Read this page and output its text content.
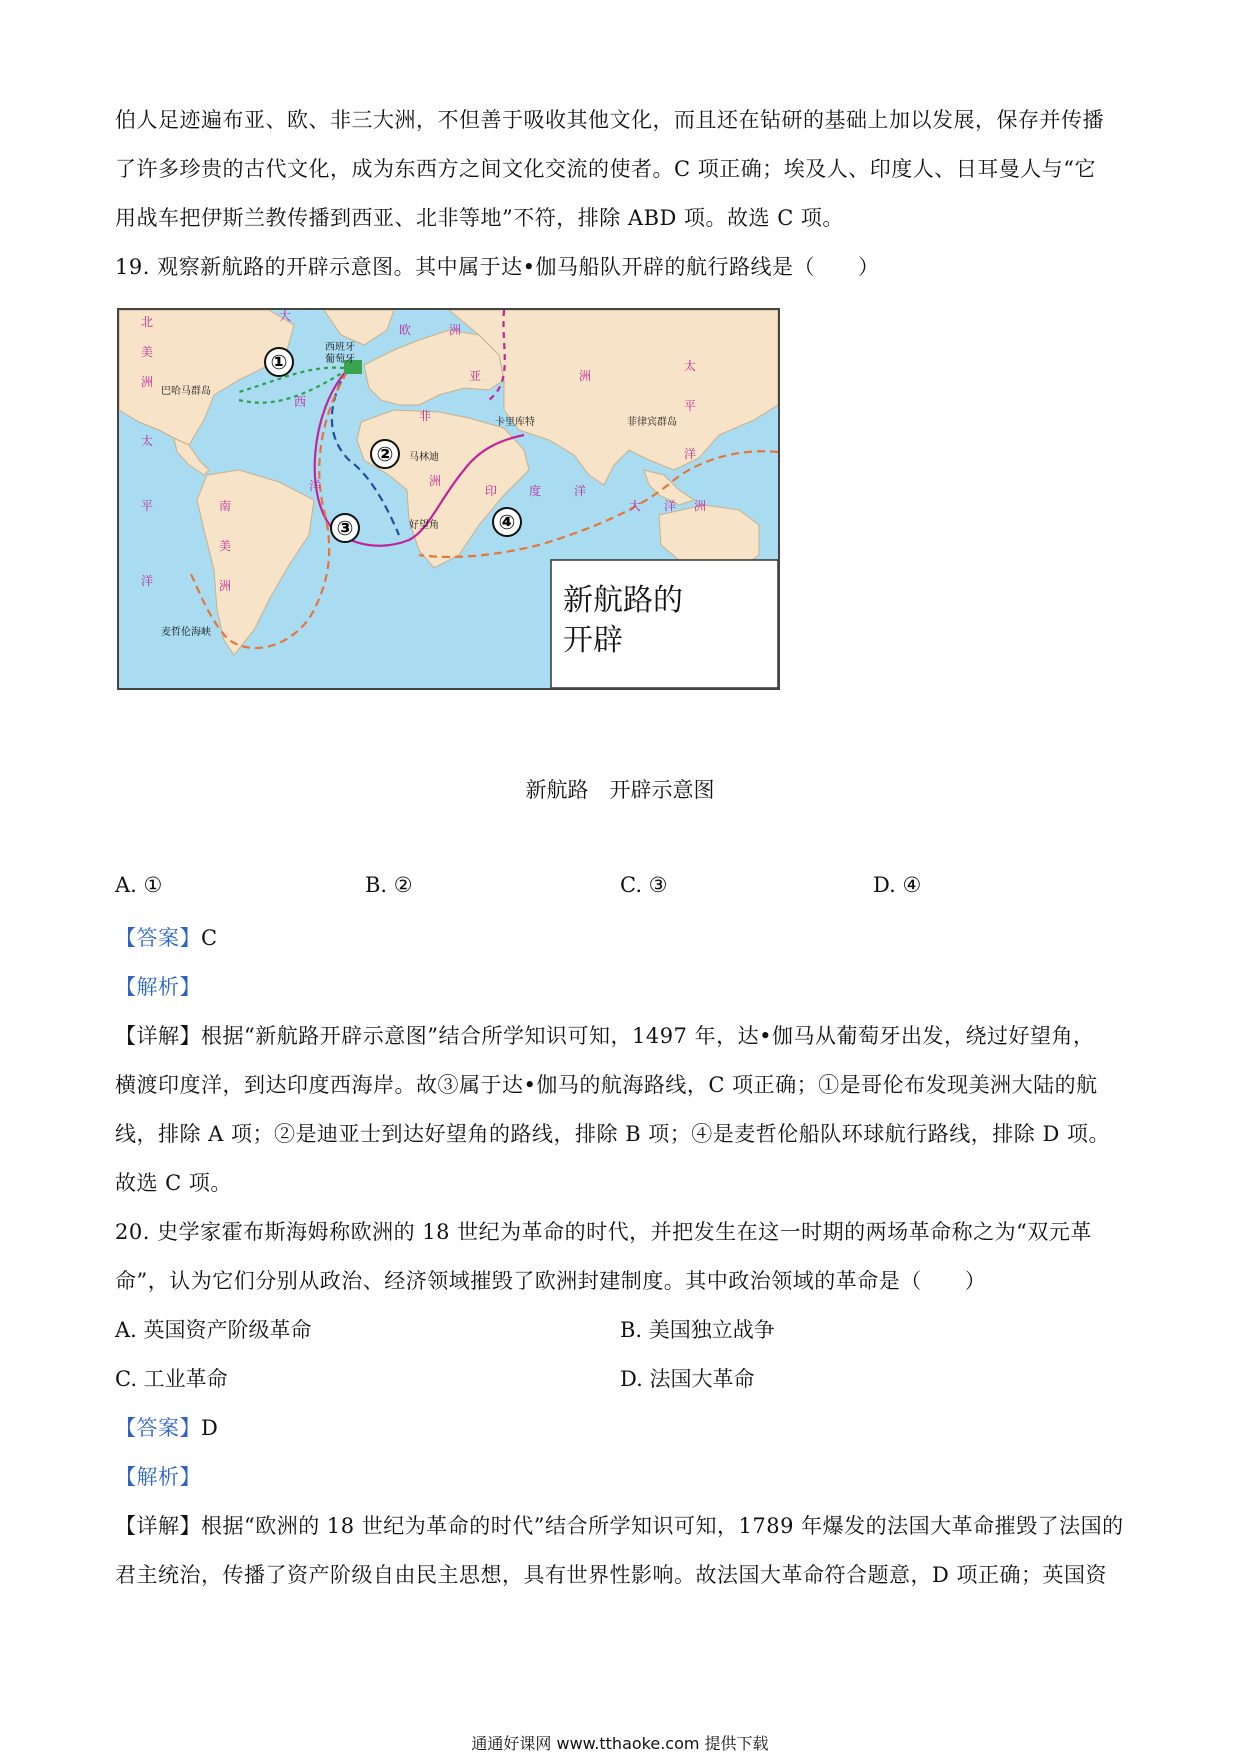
伯人足迹遍布亚、欧、非三大洲，不但善于吸收其他文化，而且还在钻研的基础上加以发展，保存并传播
了许多珍贵的古代文化，成为东西方之间文化交流的使者。C 项正确；埃及人、印度人、日耳曼人与“它
用战车把伊斯兰教传播到西亚、北非等地”不符，排除 ABD 项。故选 C 项。
19. 观察新航路的开辟示意图。其中属于达•伽马船队开辟的航行路线是（　　）
①
②
③	④
西班牙
葡萄牙
巴哈马群岛
马林迪
卡里库特
好望角
菲律宾群岛
麦哲伦海峡
北
美
洲
南
美
洲
欧	洲
亚	洲
非
洲
大
西
洋
太
平
洋
太
平
洋
印	度	洋
大 洋 洲
新航路的
开辟
新航路　 开辟示意图
A. ①	B. ②	C. ③	D. ④
【答案】C
【解析】
【详解】根据“新航路开辟示意图”结合所学知识可知，1497 年，达•伽马从葡萄牙出发，绕过好望角，
横渡印度洋，到达印度西海岸。故③属于达•伽马的航海路线，C 项正确；①是哥伦布发现美洲大陆的航
线，排除 A 项；②是迪亚士到达好望角的路线，排除 B 项；④是麦哲伦船队环球航行路线，排除 D 项。
故选 C 项。
20. 史学家霍布斯海姆称欧洲的 18 世纪为革命的时代，并把发生在这一时期的两场革命称之为“双元革
命”，认为它们分别从政治、经济领域摧毁了欧洲封建制度。其中政治领域的革命是（　　）
A. 英国资产阶级革命	B. 美国独立战争
C. 工业革命	D. 法国大革命
【答案】D
【解析】
【详解】根据“欧洲的 18 世纪为革命的时代”结合所学知识可知，1789 年爆发的法国大革命摧毁了法国的
君主统治，传播了资产阶级自由民主思想，具有世界性影响。故法国大革命符合题意，D 项正确；英国资
通通好课网 www.tthaoke.com 提供下载
